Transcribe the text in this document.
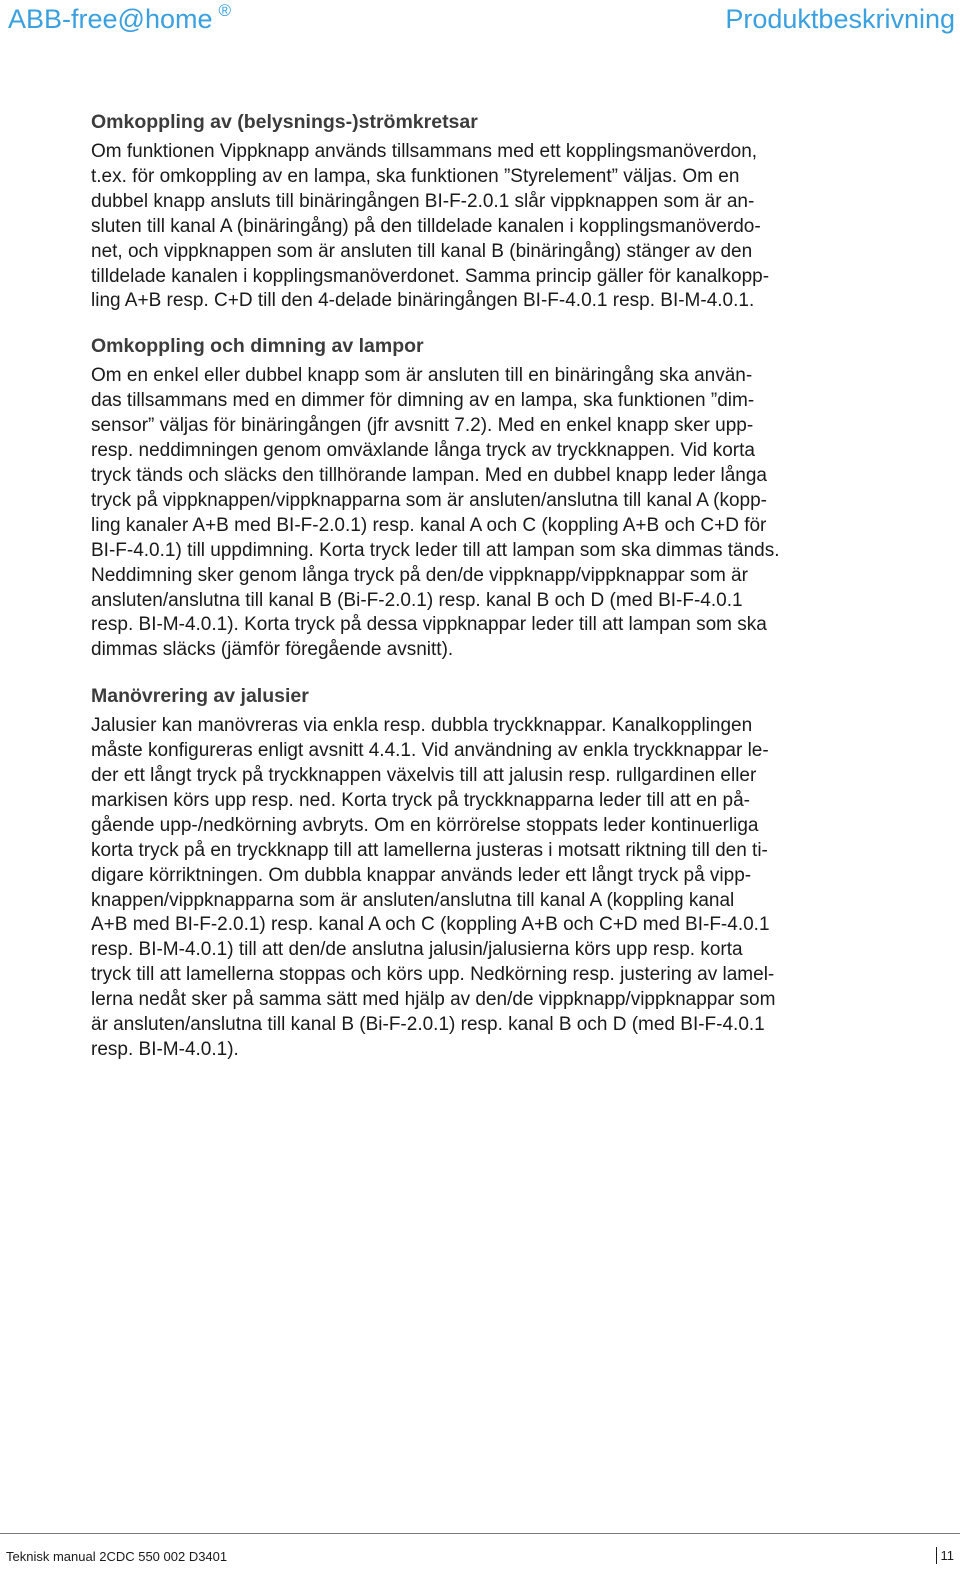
ABB-free@home ®	Produktbeskrivning
Omkoppling av (belysnings-)strömkretsar

Om funktionen Vippknapp används tillsammans med ett kopplingsmanöverdon,
t.ex. för omkoppling av en lampa, ska funktionen ”Styrelement” väljas. Om en
dubbel knapp ansluts till binäringången BI-F-2.0.1 slår vippknappen som är an-
sluten till kanal A (binäringång) på den tilldelade kanalen i kopplingsmanöverdo-
net, och vippknappen som är ansluten till kanal B (binäringång) stänger av den
tilldelade kanalen i kopplingsmanöverdonet. Samma princip gäller för kanalkopp-
ling A+B resp. C+D till den 4-delade binäringången BI-F-4.0.1 resp. BI-M-4.0.1.

Omkoppling och dimning av lampor

Om en enkel eller dubbel knapp som är ansluten till en binäringång ska använ-
das tillsammans med en dimmer för dimning av en lampa, ska funktionen ”dim-
sensor” väljas för binäringången (jfr avsnitt 7.2). Med en enkel knapp sker upp-
resp. neddimningen genom omväxlande långa tryck av tryckknappen. Vid korta
tryck tänds och släcks den tillhörande lampan. Med en dubbel knapp leder långa
tryck på vippknappen/vippknapparna som är ansluten/anslutna till kanal A (kopp-
ling kanaler A+B med BI-F-2.0.1) resp. kanal A och C (koppling A+B och C+D för
BI-F-4.0.1) till uppdimning. Korta tryck leder till att lampan som ska dimmas tänds.
Neddimning sker genom långa tryck på den/de vippknapp/vippknappar som är
ansluten/anslutna till kanal B (Bi-F-2.0.1) resp. kanal B och D (med BI-F-4.0.1
resp. BI-M-4.0.1). Korta tryck på dessa vippknappar leder till att lampan som ska
dimmas släcks (jämför föregående avsnitt).

Manövrering av jalusier

Jalusier kan manövreras via enkla resp. dubbla tryckknappar. Kanalkopplingen
måste konfigureras enligt avsnitt 4.4.1. Vid användning av enkla tryckknappar le-
der ett långt tryck på tryckknappen växelvis till att jalusin resp. rullgardinen eller
markisen körs upp resp. ned. Korta tryck på tryckknapparna leder till att en på-
gående upp-/nedkörning avbryts. Om en körrörelse stoppats leder kontinuerliga
korta tryck på en tryckknapp till att lamellerna justeras i motsatt riktning till den ti-
digare körriktningen. Om dubbla knappar används leder ett långt tryck på vipp-
knappen/vippknapparna som är ansluten/anslutna till kanal A (koppling kanal
A+B med BI-F-2.0.1) resp. kanal A och C (koppling A+B och C+D med BI-F-4.0.1
resp. BI-M-4.0.1) till att den/de anslutna jalusin/jalusierna körs upp resp. korta
tryck till att lamellerna stoppas och körs upp. Nedkörning resp. justering av lamel-
lerna nedåt sker på samma sätt med hjälp av den/de vippknapp/vippknappar som
är ansluten/anslutna till kanal B (Bi-F-2.0.1) resp. kanal B och D (med BI-F-4.0.1
resp. BI-M-4.0.1).

Teknisk manual 2CDC 550 002 D3401	11
